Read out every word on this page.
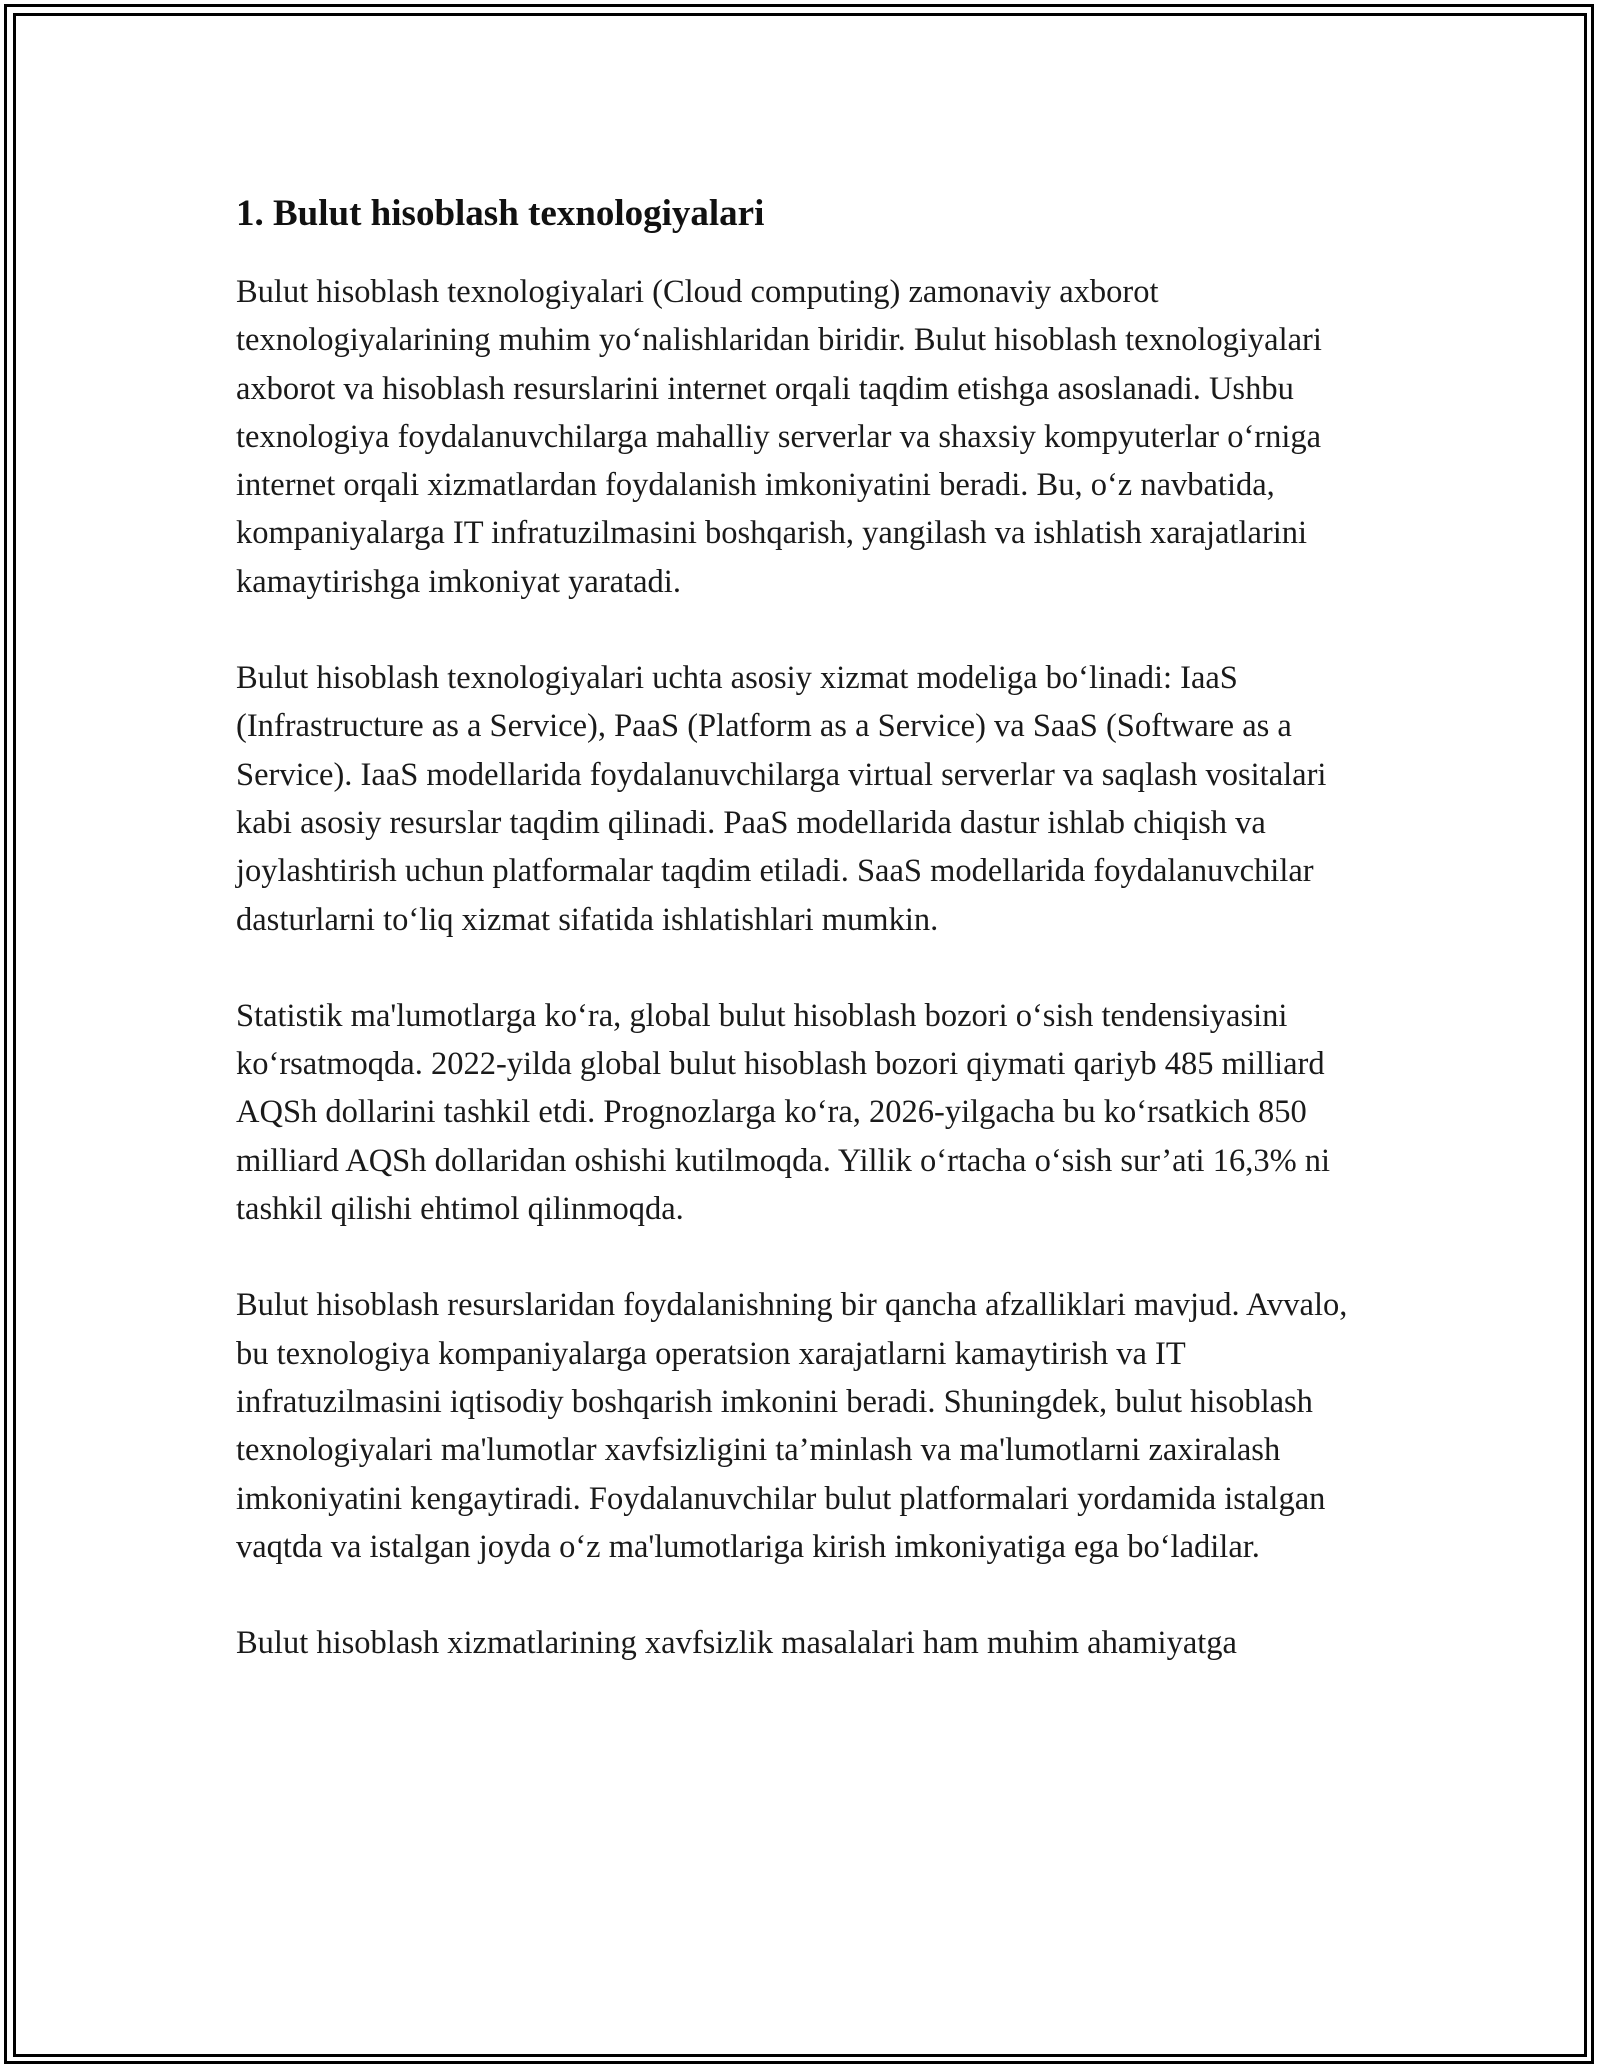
1. Bulut hisoblash texnologiyalari

Bulut hisoblash texnologiyalari (Cloud computing) zamonaviy axborot texnologiyalarining muhim yoʻnalishlaridan biridir. Bulut hisoblash texnologiyalari axborot va hisoblash resurslarini internet orqali taqdim etishga asoslanadi. Ushbu texnologiya foydalanuvchilarga mahalliy serverlar va shaxsiy kompyuterlar oʻrniga internet orqali xizmatlardan foydalanish imkoniyatini beradi. Bu, oʻz navbatida, kompaniyalarga IT infratuzilmasini boshqarish, yangilash va ishlatish xarajatlarini kamaytirishga imkoniyat yaratadi.

Bulut hisoblash texnologiyalari uchta asosiy xizmat modeliga boʻlinadi: IaaS (Infrastructure as a Service), PaaS (Platform as a Service) va SaaS (Software as a Service). IaaS modellarida foydalanuvchilarga virtual serverlar va saqlash vositalari kabi asosiy resurslar taqdim qilinadi. PaaS modellarida dastur ishlab chiqish va joylashtirish uchun platformalar taqdim etiladi. SaaS modellarida foydalanuvchilar dasturlarni toʻliq xizmat sifatida ishlatishlari mumkin.

Statistik ma'lumotlarga koʻra, global bulut hisoblash bozori oʻsish tendensiyasini koʻrsatmoqda. 2022-yilda global bulut hisoblash bozori qiymati qariyb 485 milliard AQSh dollarini tashkil etdi. Prognozlarga koʻra, 2026-yilgacha bu koʻrsatkich 850 milliard AQSh dollaridan oshishi kutilmoqda. Yillik oʻrtacha oʻsish sur’ati 16,3% ni tashkil qilishi ehtimol qilinmoqda.

Bulut hisoblash resurslaridan foydalanishning bir qancha afzalliklari mavjud. Avvalo, bu texnologiya kompaniyalarga operatsion xarajatlarni kamaytirish va IT infratuzilmasini iqtisodiy boshqarish imkonini beradi. Shuningdek, bulut hisoblash texnologiyalari ma'lumotlar xavfsizligini ta’minlash va ma'lumotlarni zaxiralash imkoniyatini kengaytiradi. Foydalanuvchilar bulut platformalari yordamida istalgan vaqtda va istalgan joyda oʻz ma'lumotlariga kirish imkoniyatiga ega boʻladilar.

Bulut hisoblash xizmatlarining xavfsizlik masalalari ham muhim ahamiyatga
